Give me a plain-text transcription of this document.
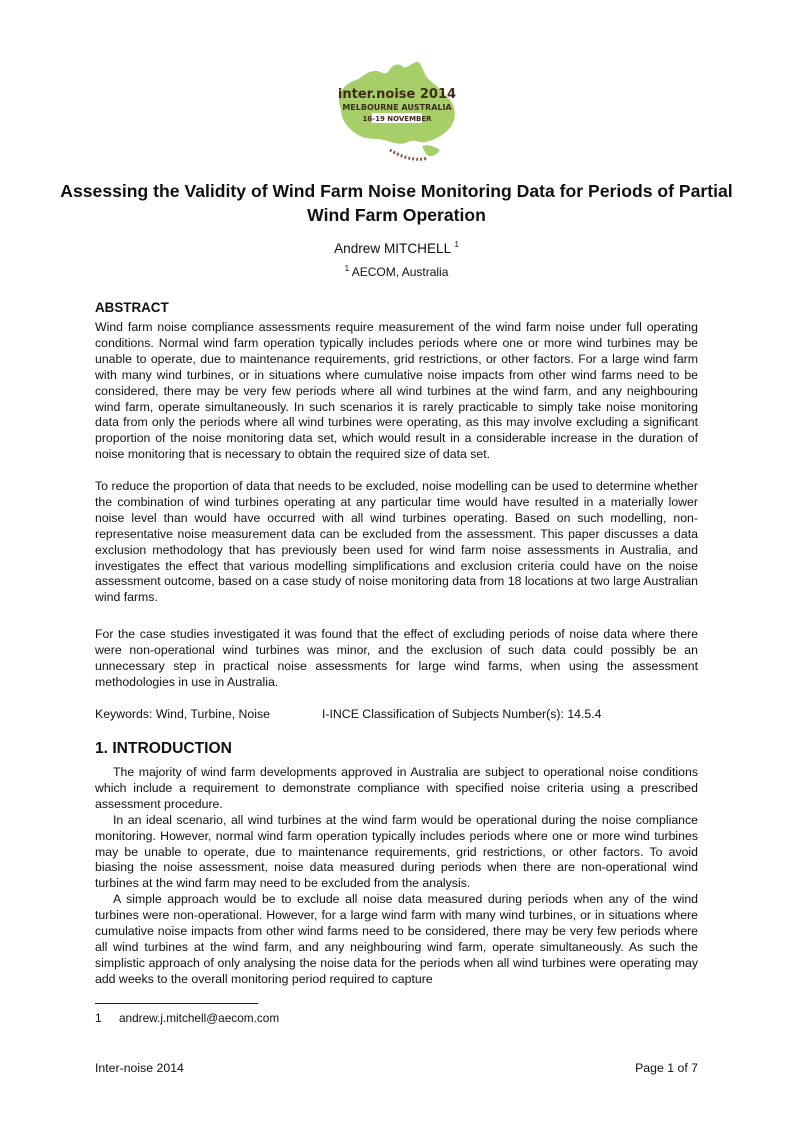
inter.noise 2014
MELBOURNE AUSTRALIA
16-19 NOVEMBER
Assessing the Validity of Wind Farm Noise Monitoring Data for Periods of Partial Wind Farm Operation
Andrew MITCHELL $^1$
$^1$ AECOM, Australia
ABSTRACT

Wind farm noise compliance assessments require measurement of the wind farm noise under full operating conditions. Normal wind farm operation typically includes periods where one or more wind turbines may be unable to operate, due to maintenance requirements, grid restrictions, or other factors. For a large wind farm with many wind turbines, or in situations where cumulative noise impacts from other wind farms need to be considered, there may be very few periods where all wind turbines at the wind farm, and any neighbouring wind farm, operate simultaneously. In such scenarios it is rarely practicable to simply take noise monitoring data from only the periods where all wind turbines were operating, as this may involve excluding a significant proportion of the noise monitoring data set, which would result in a considerable increase in the duration of noise monitoring that is necessary to obtain the required size of data set.

To reduce the proportion of data that needs to be excluded, noise modelling can be used to determine whether the combination of wind turbines operating at any particular time would have resulted in a materially lower noise level than would have occurred with all wind turbines operating. Based on such modelling, non-representative noise measurement data can be excluded from the assessment. This paper discusses a data exclusion methodology that has previously been used for wind farm noise assessments in Australia, and investigates the effect that various modelling simplifications and exclusion criteria could have on the noise assessment outcome, based on a case study of noise monitoring data from 18 locations at two large Australian wind farms.

For the case studies investigated it was found that the effect of excluding periods of noise data where there were non-operational wind turbines was minor, and the exclusion of such data could possibly be an unnecessary step in practical noise assessments for large wind farms, when using the assessment methodologies in use in Australia.

Keywords: Wind, Turbine, Noise	I-INCE Classification of Subjects Number(s): 14.5.4
1. INTRODUCTION

The majority of wind farm developments approved in Australia are subject to operational noise conditions which include a requirement to demonstrate compliance with specified noise criteria using a prescribed assessment procedure.

In an ideal scenario, all wind turbines at the wind farm would be operational during the noise compliance monitoring. However, normal wind farm operation typically includes periods where one or more wind turbines may be unable to operate, due to maintenance requirements, grid restrictions, or other factors. To avoid biasing the noise assessment, noise data measured during periods when there are non-operational wind turbines at the wind farm may need to be excluded from the analysis.

A simple approach would be to exclude all noise data measured during periods when any of the wind turbines were non-operational. However, for a large wind farm with many wind turbines, or in situations where cumulative noise impacts from other wind farms need to be considered, there may be very few periods where all wind turbines at the wind farm, and any neighbouring wind farm, operate simultaneously. As such the simplistic approach of only analysing the noise data for the periods when all wind turbines were operating may add weeks to the overall monitoring period required to capture

1 andrew.j.mitchell@aecom.com
Inter-noise 2014	Page 1 of 7
